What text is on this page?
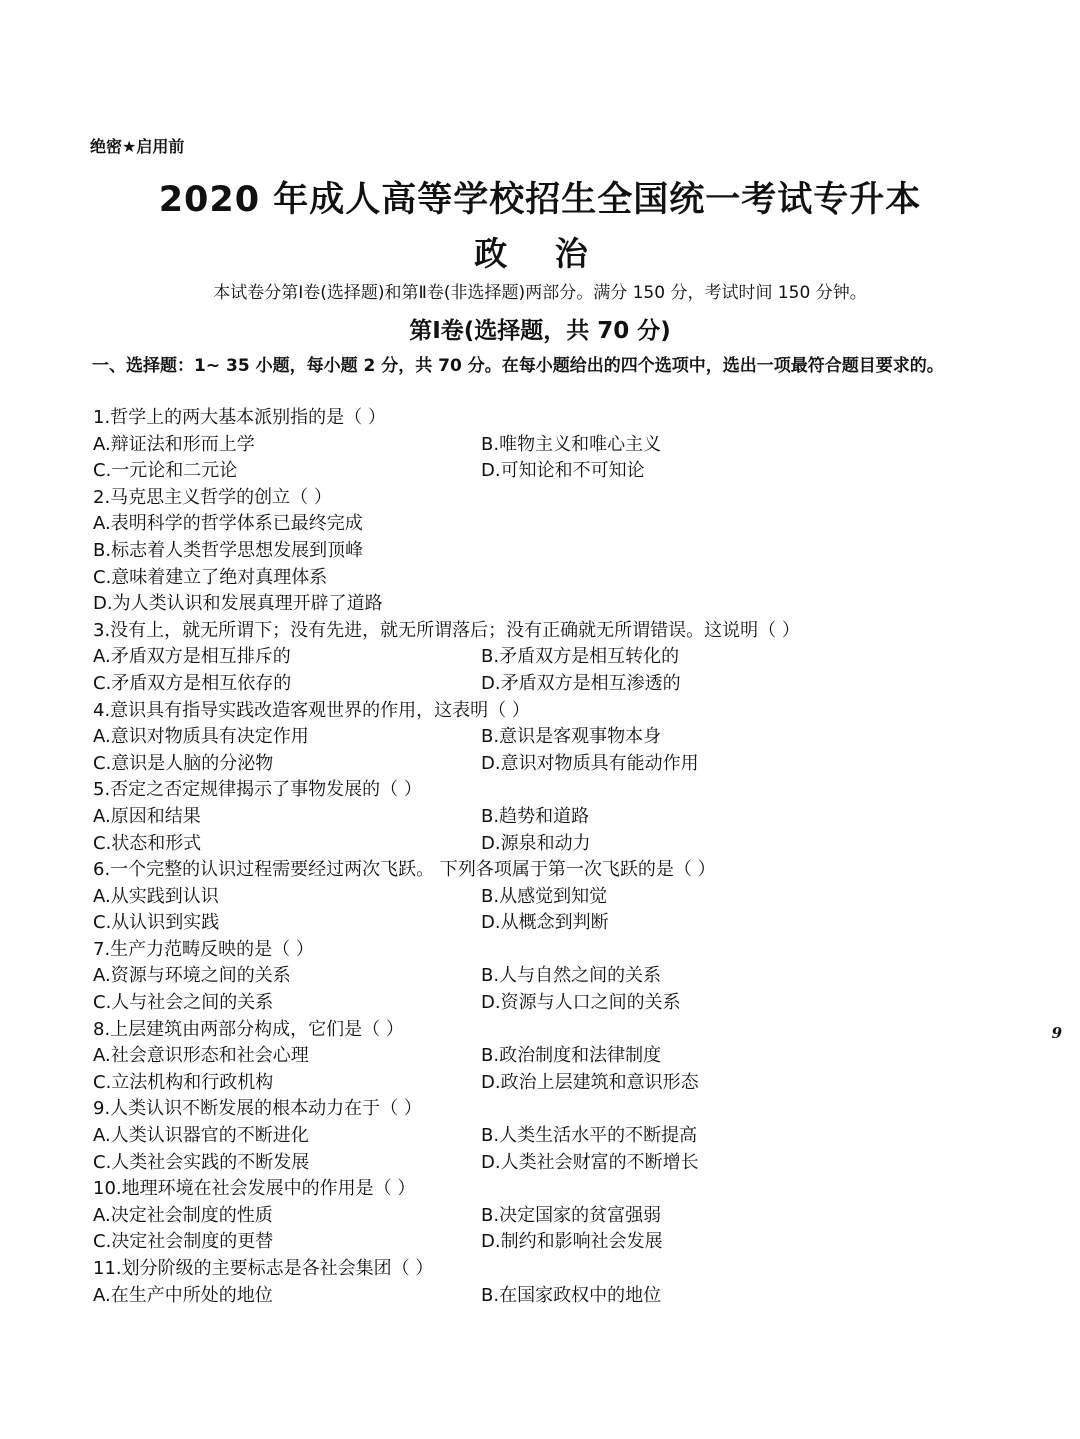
绝密★启用前
2020 年成人高等学校招生全国统一考试专升本
政 治
本试卷分第Ⅰ卷(选择题)和第Ⅱ卷(非选择题)两部分。满分 150 分，考试时间 150 分钟。
第Ⅰ卷(选择题，共 70 分)
一、选择题：1~ 35 小题，每小题 2 分，共 70 分。在每小题给出的四个选项中，选出一项最符合题目要求的。
1.哲学上的两大基本派别指的是（ ）
A.辩证法和形而上学	B.唯物主义和唯心主义
C.一元论和二元论	D.可知论和不可知论
2.马克思主义哲学的创立（ ）
A.表明科学的哲学体系已最终完成
B.标志着人类哲学思想发展到顶峰
C.意味着建立了绝对真理体系
D.为人类认识和发展真理开辟了道路
3.没有上，就无所谓下；没有先进，就无所谓落后；没有正确就无所谓错误。这说明（ ）
A.矛盾双方是相互排斥的	B.矛盾双方是相互转化的
C.矛盾双方是相互依存的	D.矛盾双方是相互渗透的
4.意识具有指导实践改造客观世界的作用，这表明（ ）
A.意识对物质具有决定作用	B.意识是客观事物本身
C.意识是人脑的分泌物	D.意识对物质具有能动作用
5.否定之否定规律揭示了事物发展的（ ）
A.原因和结果	B.趋势和道路
C.状态和形式	D.源泉和动力
6.一个完整的认识过程需要经过两次飞跃。 下列各项属于第一次飞跃的是（ ）
A.从实践到认识	B.从感觉到知觉
C.从认识到实践	D.从概念到判断
7.生产力范畴反映的是（ ）
A.资源与环境之间的关系	B.人与自然之间的关系
C.人与社会之间的关系	D.资源与人口之间的关系
8.上层建筑由两部分构成，它们是（ ）
A.社会意识形态和社会心理	B.政治制度和法律制度
C.立法机构和行政机构	D.政治上层建筑和意识形态
9.人类认识不断发展的根本动力在于（ ）
A.人类认识器官的不断进化	B.人类生活水平的不断提高
C.人类社会实践的不断发展	D.人类社会财富的不断增长
10.地理环境在社会发展中的作用是（ ）
A.决定社会制度的性质	B.决定国家的贫富强弱
C.决定社会制度的更替	D.制约和影响社会发展
11.划分阶级的主要标志是各社会集团（ ）
A.在生产中所处的地位	B.在国家政权中的地位
9
